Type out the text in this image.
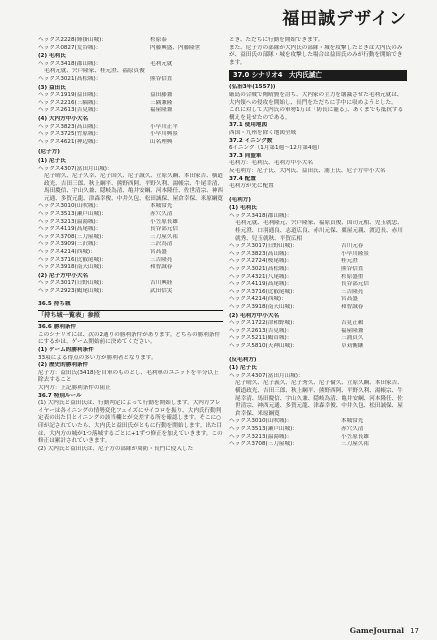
福田誠デザイン
ヘックス2228(姉掛山城)：	杉原泰
ヘックス0827(荒谷城)：	内藤興盛、内藤隆世
(2) 毛利氏
ヘックス3418(郡山城)：	毛利元就
毛利元就、宍戸隆家、桂元澄、福原貞俊
ヘックス3021(高松城)：	熊谷信直
(3) 益田氏
ヘックス1919(益田城)：	益田藤兼
ヘックス2216(三隅城)：	三隅兼隆
ヘックス2613(吉見城)：	福屋隆兼
(4) 大内方中小大名
ヘックス3823(高山城)：	小早川正平
ヘックス3725(竹原城)：	小早川興景
ヘックス4621(神辺城)：	山名理興
(尼子方)
(1) 尼子氏
ヘックス4307(富田月山城)：
尼子晴久、尼子久幸、尼子国久、尼子誠久、立原久綱、本田家吉、横道政光、吉田三郎、秋上綱平、熊野西阿、平野久利、湯帳宗、牛尾幸清、馬田慶信、宇山久兼、隠岐為清、亀井安綱、河本隆任、佐世清宗、神西元通、多賀元龍、津森幸俊、中井久包、松田誠保、屋倉幸保、米原綱寛
ヘックス3010(山吹城)：	本城常光
ヘックス3513(瀬戸山城)：	赤穴久清
ヘックス3213(温湯城)：	小笠原長雄
ヘックス4119(高尾城)：	長谷部元信
ヘックス3708(三刀屋城)：	三刀屋久祐
ヘックス3909(三沢城)：	三沢為清
ヘックス4214(西城)：	宮高盛
ヘックス3716(比叡尾城)：	三吉隆亮
ヘックス3918(南天山城)：	和智誠春
(2) 尼子方中小大名
ヘックス3017(日野山城)：	吉川興経
ヘックス2923(鶴尾山城)：	武田信実
36.5 持ち城
「持ち城一覧表」参照
36.6 勝利条件
このシナリオには、次の2通りの勝利条件があります。どちらの勝利条件にするかは、ゲーム開始前に決めてください。
(1) ゲーム的勝利条件
33項による得点の多い方が勝利者となります。
(2) 歴史的勝利条件
尼子方：益田氏(3418)を自軍のものとし、毛利軍のユニットを半分以上除去すること
大内方：上記勝利条件の阻止
36.7 特別ルール
(1) 大内氏と益田氏は、行動判定によって行動を開始します。大内方プレイヤーは各イニングの情勢変化フェイズにサイコロを振り、大内氏行動判定表の出た目とイニングの該当欄とが交差する所を確認します。そこに○印が記されていたら、大内氏と益田氏がともに行動を開始します。出た目は、大内方の城が1つ落城するごとに+1ずつ修正を加えていきます。この修正は累計されていきます。
(2) 大内氏と益田氏は、尼子方の部隊が周防・長門に侵入した
とき、ただちに行動を開始できます。
また、尼子方の部隊が大内氏の部隊・城を攻撃したときは大内氏のみが、益田氏の部隊・城を攻撃した場合は益田氏のみが行動を開始できます。
37.0 シナリオ4　大内氏滅亡
(弘治3年(1557))
厳島の合戦で陶晴賢を討ち、大内家の主力を壊滅させた毛利元就は、大内領への侵攻を開始し、長門をただちに手中に収めようとした。
これに対して大内氏の軍勢1万は「防長に籠る」、あくまでも抵抗する構えを見せたのである。
37.1 使用地図
西国・九州を除く地図全域
37.2 イニング数
6イニング（1月第1週～12月第4週）
37.3 同盟軍
毛利方：毛利氏、毛利方中小大名
反毛利方：尼子氏、大内氏、益田氏、浦上氏、尼子方中小大名
37.4 配置
毛利方が先に配置
(毛利方)
(1) 毛利氏
ヘックス3418(郡山城)：
毛利元就、毛利隆元、宍戸隆家、福原貞俊、国司元相、児玉就忠、桂元澄、口羽通良、志道広良、赤川元保、粟屋元親、渡辺長、赤川就秀、兒玉就秋、平賀広相
ヘックス3017(日野山城)：	吉川元春
ヘックス3823(高山城)：	小早川隆景
ヘックス2724(桜尾城)：	桂元澄
ヘックス3021(高松城)：	熊谷信直
ヘックス4321(八尾城)：	杉原盛重
ヘックス4119(高尾城)：	長谷部元信
ヘックス3716(比叡尾城)：	三吉隆亮
ヘックス4214(西城)：	宮高盛
ヘックス3918(南天山城)：	和智誠春
(2) 毛利方中小大名
ヘックス1722(津和野城)：	吉見正頼
ヘックス2613(吉見城)：	福屋隆兼
ヘックス5211(鶴首城)：	三浦貞久
ヘックス5810(天神山城)：	草苅衡継
(反毛利方)
(1) 尼子氏
ヘックス4307(富田月山城)：
尼子晴久、尼子義久、尼子秀久、尼子倫久、立原久綱、本田家吉、横道政光、吉田三郎、秋上綱平、熊野西阿、平野久利、湯帳宗、牛尾幸清、馬田慶信、宇山久兼、隠岐為清、亀井安綱、河本隆任、佐世清宗、神西元通、多賀元龍、津森幸俊、中井久包、松田誠保、屋倉幸保、米原綱寛
ヘックス3010(山吹城)：	本城常光
ヘックス3513(瀬戸山城)：	赤穴久清
ヘックス3213(温湯城)：	小笠原長雄
ヘックス3708(三刀屋城)：	三刀屋久祐
GameJournal 17
